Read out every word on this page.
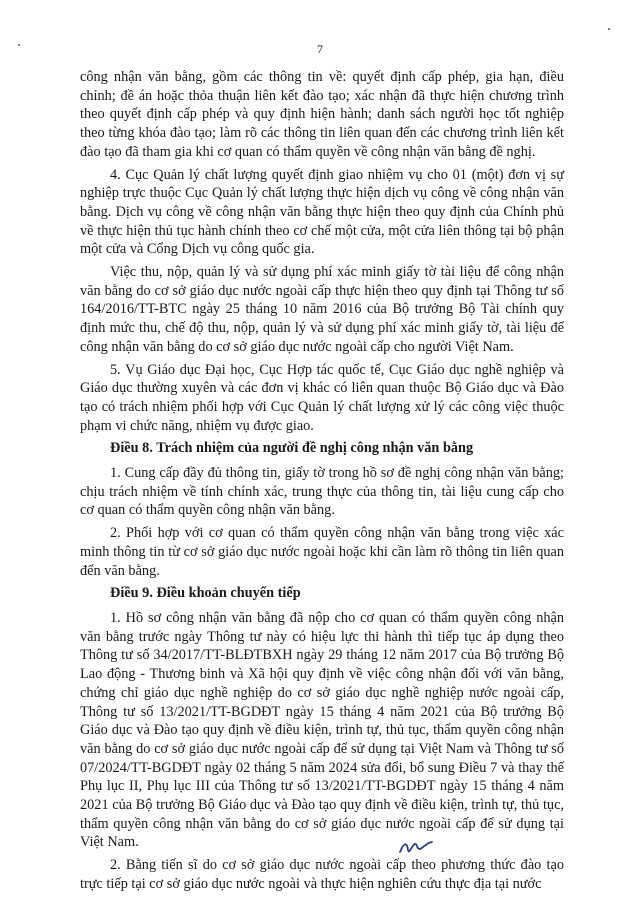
7

công nhận văn bằng, gồm các thông tin về: quyết định cấp phép, gia hạn, điều chỉnh; đề án hoặc thỏa thuận liên kết đào tạo; xác nhận đã thực hiện chương trình theo quyết định cấp phép và quy định hiện hành; danh sách người học tốt nghiệp theo từng khóa đào tạo; làm rõ các thông tin liên quan đến các chương trình liên kết đào tạo đã tham gia khi cơ quan có thẩm quyền về công nhận văn bằng đề nghị.

4. Cục Quản lý chất lượng quyết định giao nhiệm vụ cho 01 (một) đơn vị sự nghiệp trực thuộc Cục Quản lý chất lượng thực hiện dịch vụ công về công nhận văn bằng. Dịch vụ công về công nhận văn bằng thực hiện theo quy định của Chính phủ về thực hiện thủ tục hành chính theo cơ chế một cửa, một cửa liên thông tại bộ phận một cửa và Cổng Dịch vụ công quốc gia.

Việc thu, nộp, quản lý và sử dụng phí xác minh giấy tờ tài liệu để công nhận văn bằng do cơ sở giáo dục nước ngoài cấp thực hiện theo quy định tại Thông tư số 164/2016/TT-BTC ngày 25 tháng 10 năm 2016 của Bộ trưởng Bộ Tài chính quy định mức thu, chế độ thu, nộp, quản lý và sử dụng phí xác minh giấy tờ, tài liệu để công nhận văn bằng do cơ sở giáo dục nước ngoài cấp cho người Việt Nam.

5. Vụ Giáo dục Đại học, Cục Hợp tác quốc tế, Cục Giáo dục nghề nghiệp và Giáo dục thường xuyên và các đơn vị khác có liên quan thuộc Bộ Giáo dục và Đào tạo có trách nhiệm phối hợp với Cục Quản lý chất lượng xử lý các công việc thuộc phạm vi chức năng, nhiệm vụ được giao.

Điều 8. Trách nhiệm của người đề nghị công nhận văn bằng

1. Cung cấp đầy đủ thông tin, giấy tờ trong hồ sơ đề nghị công nhận văn bằng; chịu trách nhiệm về tính chính xác, trung thực của thông tin, tài liệu cung cấp cho cơ quan có thẩm quyền công nhận văn bằng.

2. Phối hợp với cơ quan có thẩm quyền công nhận văn bằng trong việc xác minh thông tin từ cơ sở giáo dục nước ngoài hoặc khi cần làm rõ thông tin liên quan đến văn bằng.

Điều 9. Điều khoản chuyển tiếp

1. Hồ sơ công nhận văn bằng đã nộp cho cơ quan có thẩm quyền công nhận văn bằng trước ngày Thông tư này có hiệu lực thi hành thì tiếp tục áp dụng theo Thông tư số 34/2017/TT-BLĐTBXH ngày 29 tháng 12 năm 2017 của Bộ trưởng Bộ Lao động - Thương binh và Xã hội quy định về việc công nhận đối với văn bằng, chứng chỉ giáo dục nghề nghiệp do cơ sở giáo dục nghề nghiệp nước ngoài cấp, Thông tư số 13/2021/TT-BGDĐT ngày 15 tháng 4 năm 2021 của Bộ trưởng Bộ Giáo dục và Đào tạo quy định về điều kiện, trình tự, thủ tục, thẩm quyền công nhận văn bằng do cơ sở giáo dục nước ngoài cấp để sử dụng tại Việt Nam và Thông tư số 07/2024/TT-BGDĐT ngày 02 tháng 5 năm 2024 sửa đổi, bổ sung Điều 7 và thay thế Phụ lục II, Phụ lục III của Thông tư số 13/2021/TT-BGDĐT ngày 15 tháng 4 năm 2021 của Bộ trưởng Bộ Giáo dục và Đào tạo quy định về điều kiện, trình tự, thủ tục, thẩm quyền công nhận văn bằng do cơ sở giáo dục nước ngoài cấp để sử dụng tại Việt Nam.

2. Bằng tiến sĩ do cơ sở giáo dục nước ngoài cấp theo phương thức đào tạo trực tiếp tại cơ sở giáo dục nước ngoài và thực hiện nghiên cứu thực địa tại nước
